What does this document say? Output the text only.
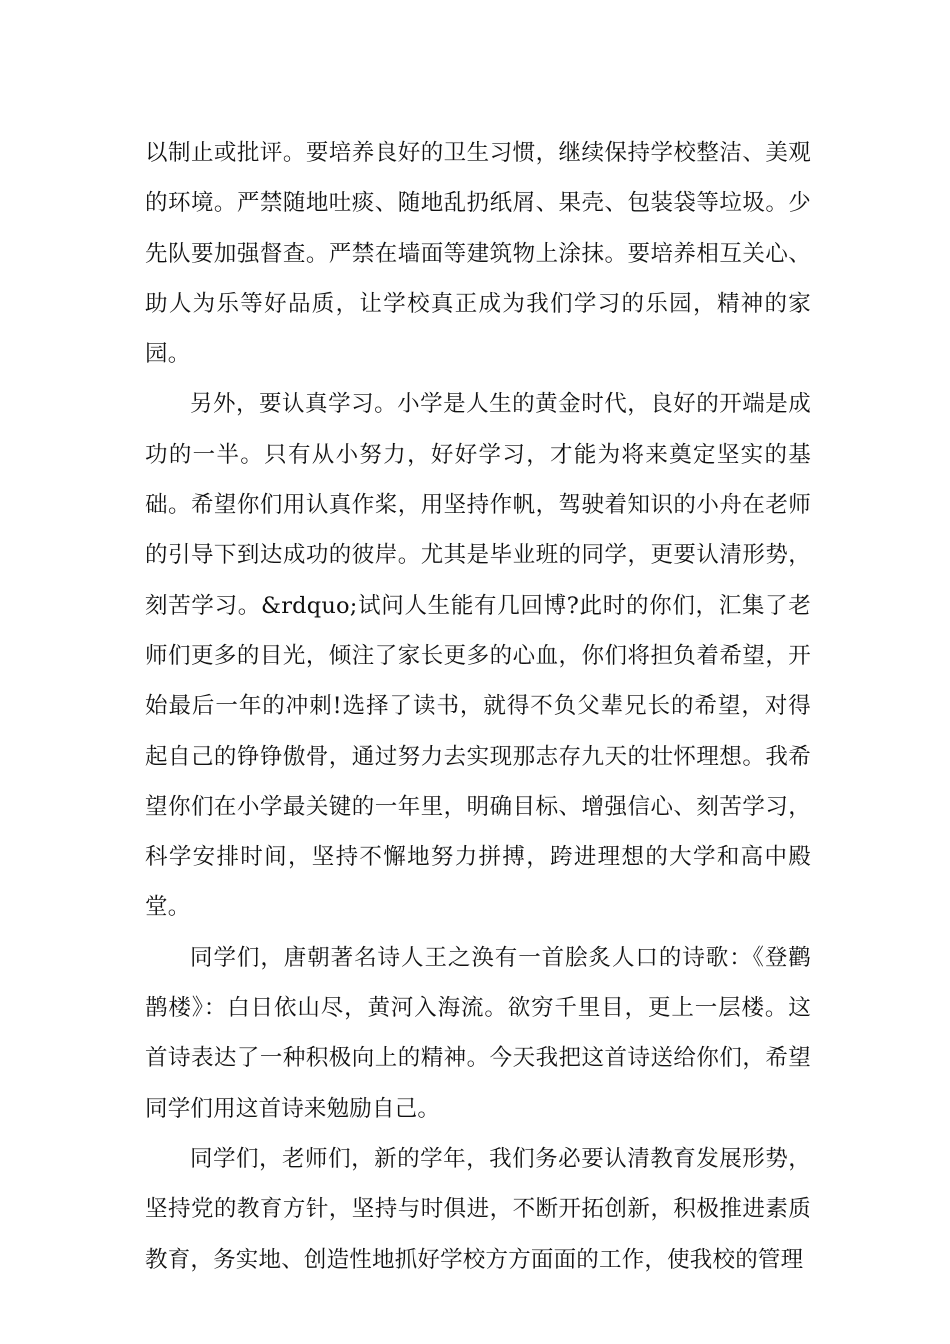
以制止或批评。要培养良好的卫生习惯，继续保持学校整洁、美观的环境。严禁随地吐痰、随地乱扔纸屑、果壳、包装袋等垃圾。少先队要加强督查。严禁在墙面等建筑物上涂抹。要培养相互关心、助人为乐等好品质，让学校真正成为我们学习的乐园，精神的家园。

另外，要认真学习。小学是人生的黄金时代，良好的开端是成功的一半。只有从小努力，好好学习，才能为将来奠定坚实的基础。希望你们用认真作桨，用坚持作帆，驾驶着知识的小舟在老师的引导下到达成功的彼岸。尤其是毕业班的同学，更要认清形势，刻苦学习。&rdquo;试问人生能有几回博?此时的你们，汇集了老师们更多的目光，倾注了家长更多的心血，你们将担负着希望，开始最后一年的冲刺!选择了读书，就得不负父辈兄长的希望，对得起自己的铮铮傲骨，通过努力去实现那志存九天的壮怀理想。我希望你们在小学最关键的一年里，明确目标、增强信心、刻苦学习，科学安排时间，坚持不懈地努力拼搏，跨进理想的大学和高中殿堂。

同学们，唐朝著名诗人王之涣有一首脍炙人口的诗歌：《登鹳鹊楼》：白日依山尽，黄河入海流。欲穷千里目，更上一层楼。这首诗表达了一种积极向上的精神。今天我把这首诗送给你们，希望同学们用这首诗来勉励自己。

同学们，老师们，新的学年，我们务必要认清教育发展形势，坚持党的教育方针，坚持与时俱进，不断开拓创新，积极推进素质教育，务实地、创造性地抓好学校方方面面的工作，使我校的管理
